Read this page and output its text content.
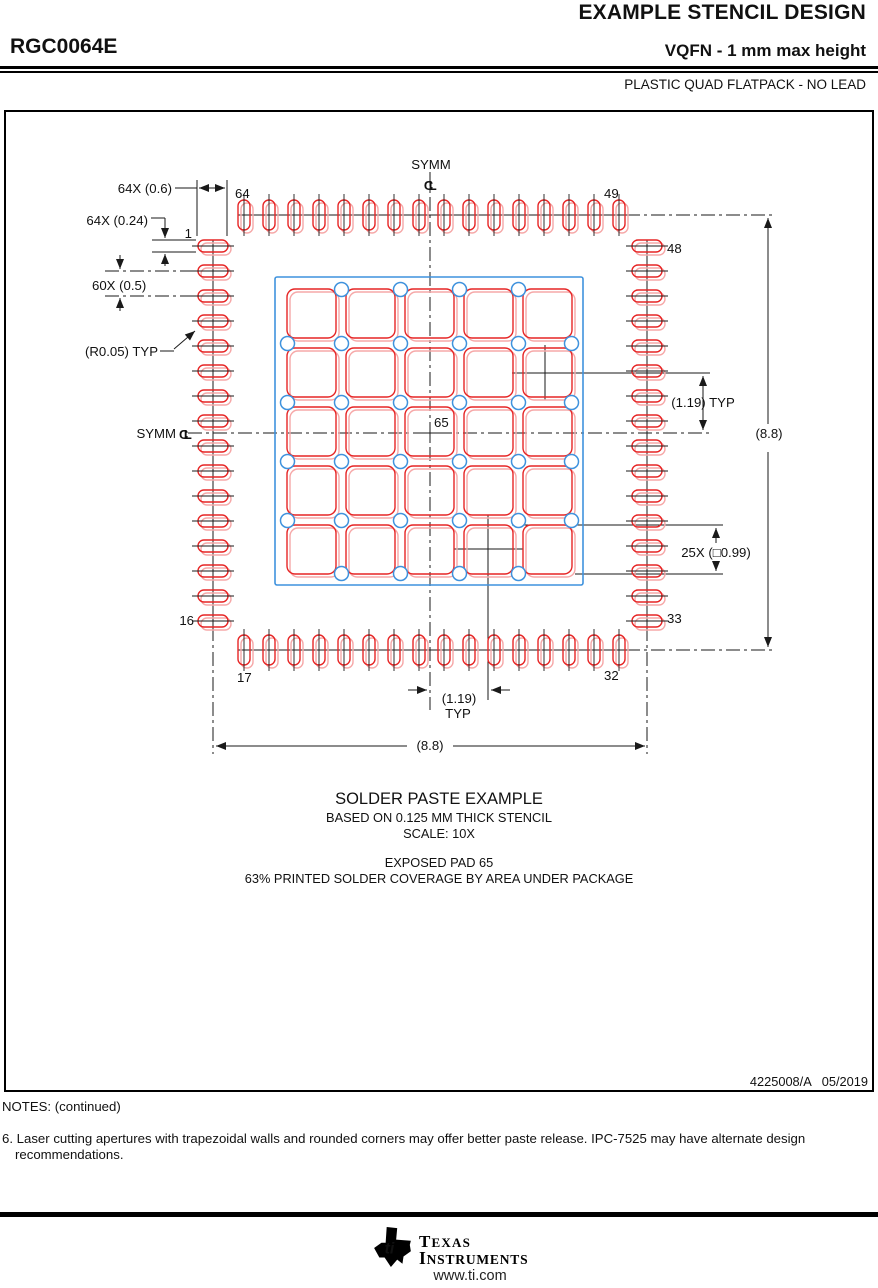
EXAMPLE STENCIL DESIGN
RGC0064E	VQFN - 1 mm max height
PLASTIC QUAD FLATPACK - NO LEAD
SYMM
CL
SYMM CL
64	49
1
16
17	32
48
33
65
64X (0.6)
64X (0.24)
60X (0.5)
(R0.05) TYP
(1.19) TYP
25X (□0.99)
(8.8)
(8.8)
(1.19)
TYP
4225008/A   05/2019
SOLDER PASTE EXAMPLE
BASED ON 0.125 MM THICK STENCIL
SCALE: 10X
EXPOSED PAD 65
63% PRINTED SOLDER COVERAGE BY AREA UNDER PACKAGE
NOTES: (continued)
6. Laser cutting apertures with trapezoidal walls and rounded corners may offer better paste release. IPC-7525 may have alternate design recommendations.
ti TEXAS
INSTRUMENTS
www.ti.com
